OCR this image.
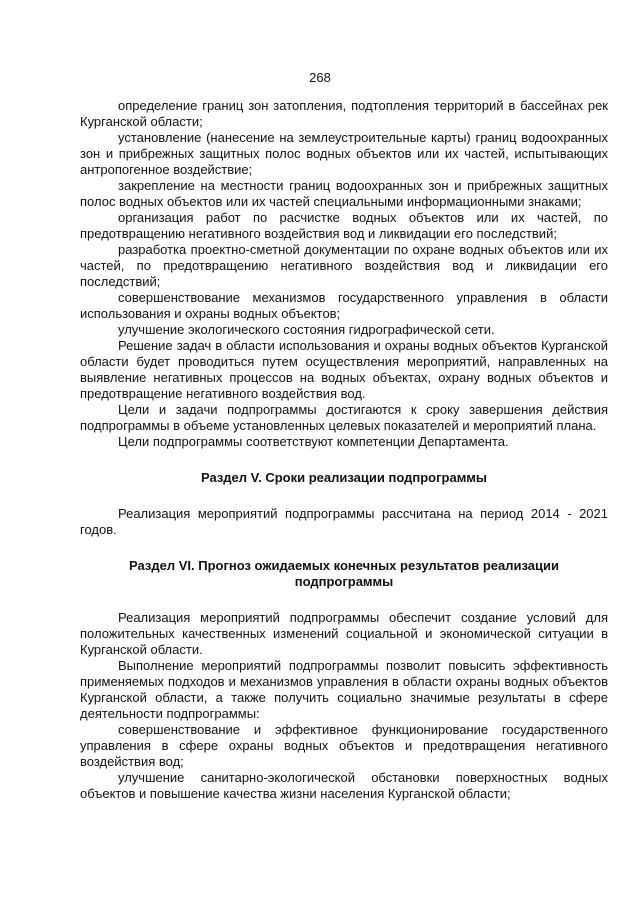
268

определение границ зон затопления, подтопления территорий в бассейнах рек Курганской области;

установление (нанесение на землеустроительные карты) границ водоохранных зон и прибрежных защитных полос водных объектов или их частей, испытывающих антропогенное воздействие;

закрепление на местности границ водоохранных зон и прибрежных защитных полос водных объектов или их частей специальными информационными знаками;

организация работ по расчистке водных объектов или их частей, по предотвращению негативного воздействия вод и ликвидации его последствий;

разработка проектно-сметной документации по охране водных объектов или их частей, по предотвращению негативного воздействия вод и ликвидации его последствий;

совершенствование механизмов государственного управления в области использования и охраны водных объектов;

улучшение экологического состояния гидрографической сети.

Решение задач в области использования и охраны водных объектов Курганской области будет проводиться путем осуществления мероприятий, направленных на выявление негативных процессов на водных объектах, охрану водных объектов и предотвращение негативного воздействия вод.

Цели и задачи подпрограммы достигаются к сроку завершения действия подпрограммы в объеме установленных целевых показателей и мероприятий плана.

Цели подпрограммы соответствуют компетенции Департамента.

Раздел V. Сроки реализации подпрограммы

Реализация мероприятий подпрограммы рассчитана на период 2014 - 2021 годов.

Раздел VI. Прогноз ожидаемых конечных результатов реализации

подпрограммы

Реализация мероприятий подпрограммы обеспечит создание условий для положительных качественных изменений социальной и экономической ситуации в Курганской области.

Выполнение мероприятий подпрограммы позволит повысить эффективность применяемых подходов и механизмов управления в области охраны водных объектов Курганской области, а также получить социально значимые результаты в сфере деятельности подпрограммы:

совершенствование и эффективное функционирование государственного управления в сфере охраны водных объектов и предотвращения негативного воздействия вод;

улучшение санитарно-экологической обстановки поверхностных водных объектов и повышение качества жизни населения Курганской области;
